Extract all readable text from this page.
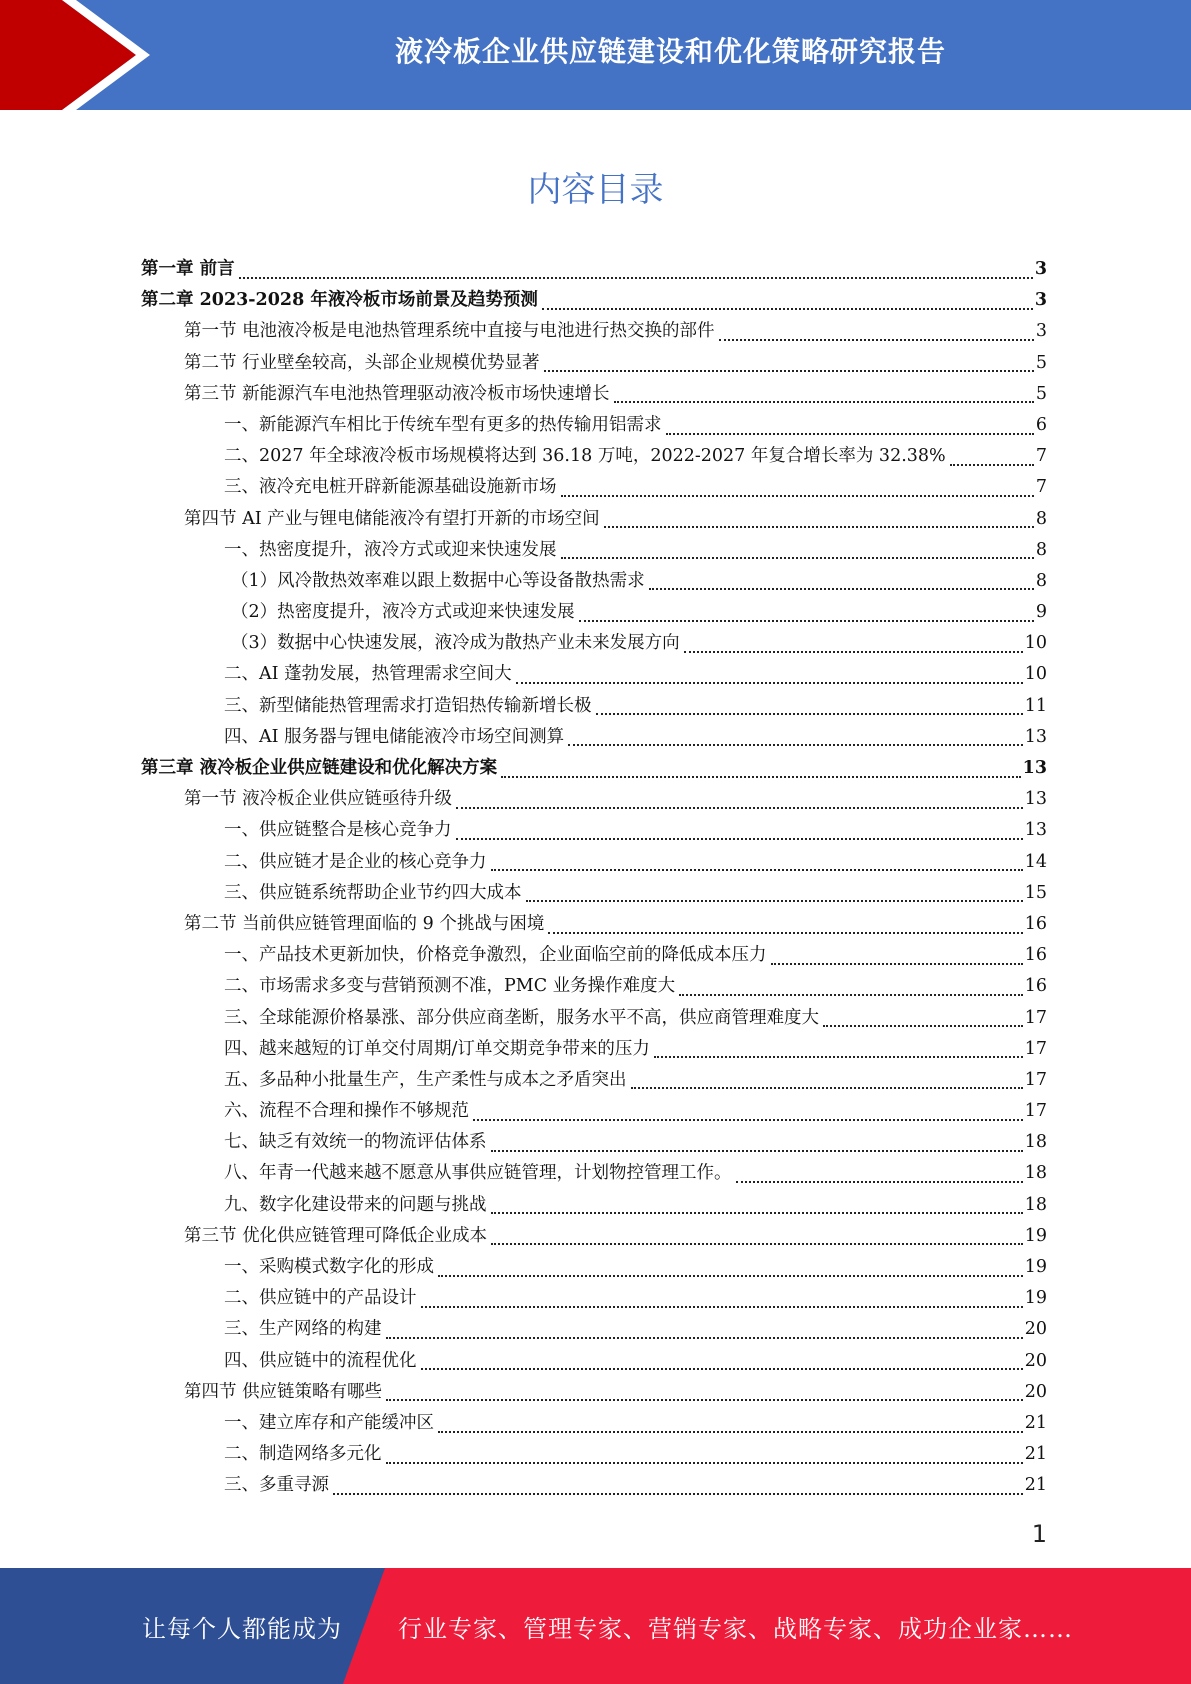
液冷板企业供应链建设和优化策略研究报告
内容目录
第一章 前言	3
第二章 2023-2028 年液冷板市场前景及趋势预测	3
第一节 电池液冷板是电池热管理系统中直接与电池进行热交换的部件	3
第二节 行业壁垒较高，头部企业规模优势显著	5
第三节 新能源汽车电池热管理驱动液冷板市场快速增长	5
一、新能源汽车相比于传统车型有更多的热传输用铝需求	6
二、2027 年全球液冷板市场规模将达到 36.18 万吨，2022-2027 年复合增长率为 32.38%	7
三、液冷充电桩开辟新能源基础设施新市场	7
第四节 AI 产业与锂电储能液冷有望打开新的市场空间	8
一、热密度提升，液冷方式或迎来快速发展	8
（1）风冷散热效率难以跟上数据中心等设备散热需求	8
（2）热密度提升，液冷方式或迎来快速发展	9
（3）数据中心快速发展，液冷成为散热产业未来发展方向	10
二、AI 蓬勃发展，热管理需求空间大	10
三、新型储能热管理需求打造铝热传输新增长极	11
四、AI 服务器与锂电储能液冷市场空间测算	13
第三章 液冷板企业供应链建设和优化解决方案	13
第一节 液冷板企业供应链亟待升级	13
一、供应链整合是核心竞争力	13
二、供应链才是企业的核心竞争力	14
三、供应链系统帮助企业节约四大成本	15
第二节 当前供应链管理面临的 9 个挑战与困境	16
一、产品技术更新加快，价格竞争激烈，企业面临空前的降低成本压力	16
二、市场需求多变与营销预测不准，PMC 业务操作难度大	16
三、全球能源价格暴涨、部分供应商垄断，服务水平不高，供应商管理难度大	17
四、越来越短的订单交付周期/订单交期竞争带来的压力	17
五、多品种小批量生产，生产柔性与成本之矛盾突出	17
六、流程不合理和操作不够规范	17
七、缺乏有效统一的物流评估体系	18
八、年青一代越来越不愿意从事供应链管理，计划物控管理工作。	18
九、数字化建设带来的问题与挑战	18
第三节 优化供应链管理可降低企业成本	19
一、采购模式数字化的形成	19
二、供应链中的产品设计	19
三、生产网络的构建	20
四、供应链中的流程优化	20
第四节 供应链策略有哪些	20
一、建立库存和产能缓冲区	21
二、制造网络多元化	21
三、多重寻源	21
1
让每个人都能成为 行业专家、管理专家、营销专家、战略专家、成功企业家……
